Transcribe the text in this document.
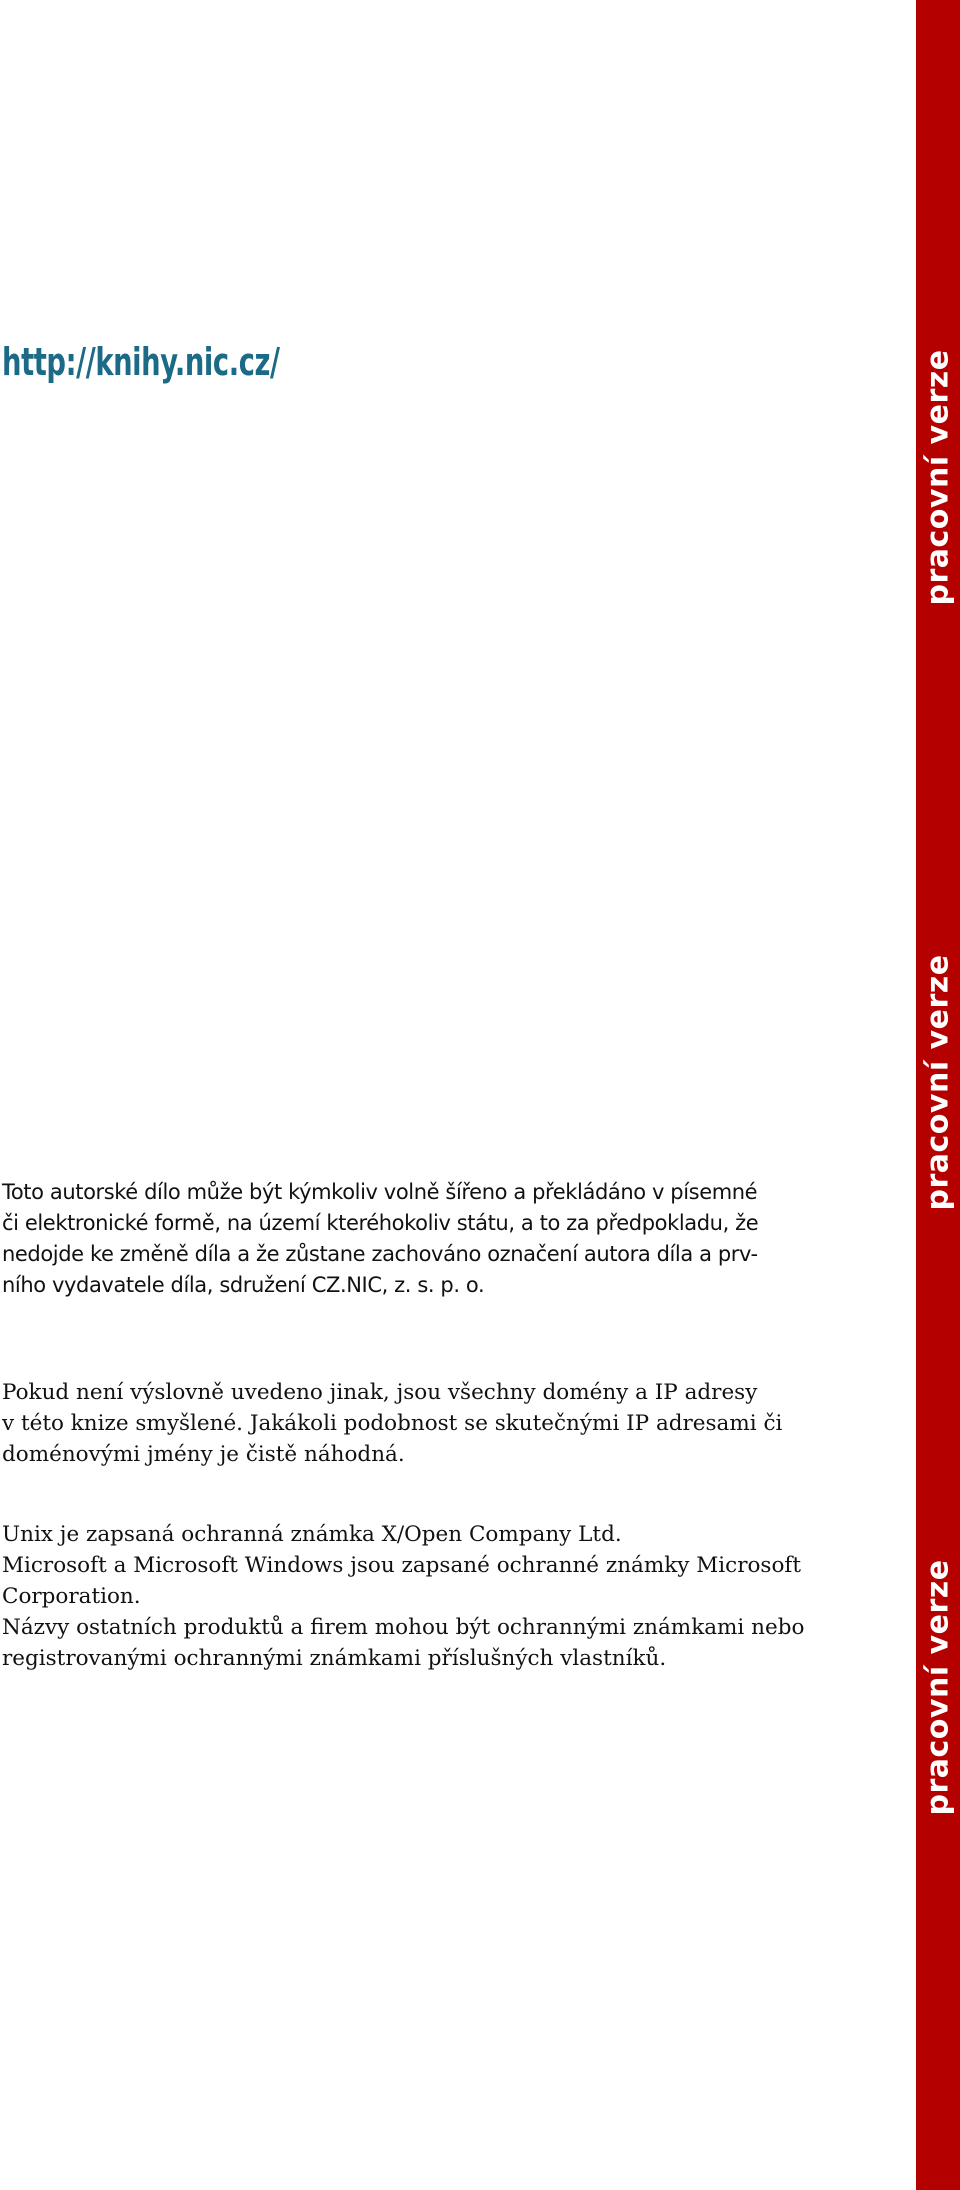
http://knihy.nic.cz/
Toto autorské dílo může být kýmkoliv volně šířeno a překládáno v písemné
či elektronické formě, na území kteréhokoliv státu, a to za předpokladu, že
nedojde ke změně díla a že zůstane zachováno označení autora díla a prv-
ního vydavatele díla, sdružení CZ.NIC, z. s. p. o.
Pokud není výslovně uvedeno jinak, jsou všechny domény a IP adresy
v této knize smyšlené. Jakákoli podobnost se skutečnými IP adresami či
doménovými jmény je čistě náhodná.
Unix je zapsaná ochranná známka X/Open Company Ltd.
Microsoft a Microsoft Windows jsou zapsané ochranné známky Microsoft
Corporation.
Názvy ostatních produktů a firem mohou být ochrannými známkami nebo
registrovanými ochrannými známkami příslušných vlastníků.
pracovní verze
pracovní verze
pracovní verze
